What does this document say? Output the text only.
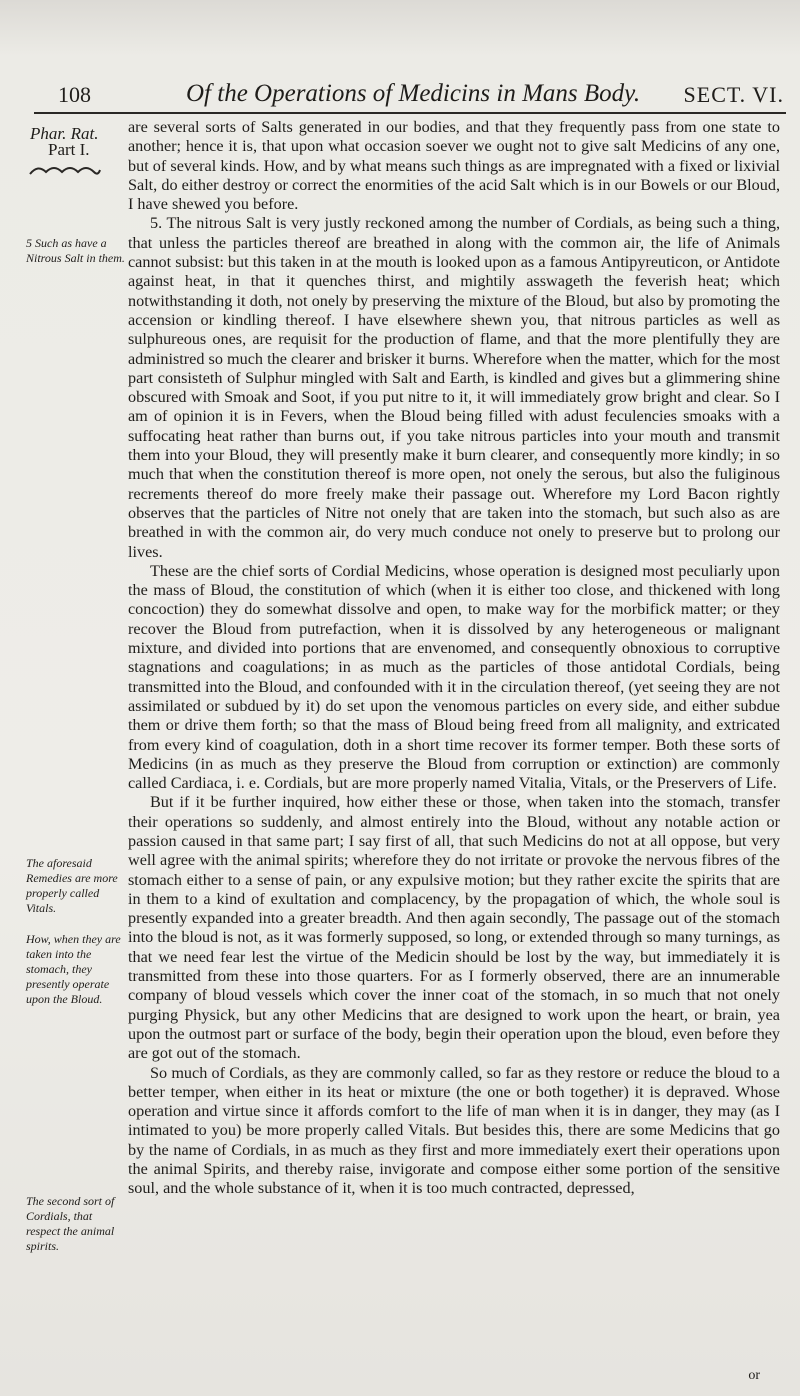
108	Of the Operations of Medicins in Mans Body. SECT. VI.
Phar. Rat.
Part I.
5 Such as have a Nitrous Salt in them.
The aforesaid Remedies are more properly called Vitals.
How, when they are taken into the stomach, they presently operate upon the Bloud.
The second sort of Cordials, that respect the animal spirits.

are several sorts of Salts generated in our bodies, and that they frequently pass from one state to another; hence it is, that upon what occasion soever we ought not to give salt Medicins of any one, but of several kinds. How, and by what means such things as are impregnated with a fixed or lixivial Salt, do either destroy or correct the enormities of the acid Salt which is in our Bowels or our Bloud, I have shewed you before.

5. The nitrous Salt is very justly reckoned among the number of Cordials, as being such a thing, that unless the particles thereof are breathed in along with the common air, the life of Animals cannot subsist: but this taken in at the mouth is looked upon as a famous Antipyreuticon, or Antidote against heat, in that it quenches thirst, and mightily asswageth the feverish heat; which notwithstanding it doth, not onely by preserving the mixture of the Bloud, but also by promoting the accension or kindling thereof. I have elsewhere shewn you, that nitrous particles as well as sulphureous ones, are requisit for the production of flame, and that the more plentifully they are administred so much the clearer and brisker it burns. Wherefore when the matter, which for the most part consisteth of Sulphur mingled with Salt and Earth, is kindled and gives but a glimmering shine obscured with Smoak and Soot, if you put nitre to it, it will immediately grow bright and clear. So I am of opinion it is in Fevers, when the Bloud being filled with adust feculencies smoaks with a suffocating heat rather than burns out, if you take nitrous particles into your mouth and transmit them into your Bloud, they will presently make it burn clearer, and consequently more kindly; in so much that when the constitution thereof is more open, not onely the serous, but also the fuliginous recrements thereof do more freely make their passage out. Wherefore my Lord Bacon rightly observes that the particles of Nitre not onely that are taken into the stomach, but such also as are breathed in with the common air, do very much conduce not onely to preserve but to prolong our lives.

These are the chief sorts of Cordial Medicins, whose operation is designed most peculiarly upon the mass of Bloud, the constitution of which (when it is either too close, and thickened with long concoction) they do somewhat dissolve and open, to make way for the morbifick matter; or they recover the Bloud from putrefaction, when it is dissolved by any heterogeneous or malignant mixture, and divided into portions that are envenomed, and consequently obnoxious to corruptive stagnations and coagulations; in as much as the particles of those antidotal Cordials, being transmitted into the Bloud, and confounded with it in the circulation thereof, (yet seeing they are not assimilated or subdued by it) do set upon the venomous particles on every side, and either subdue them or drive them forth; so that the mass of Bloud being freed from all malignity, and extricated from every kind of coagulation, doth in a short time recover its former temper. Both these sorts of Medicins (in as much as they preserve the Bloud from corruption or extinction) are commonly called Cardiaca, i. e. Cordials, but are more properly named Vitalia, Vitals, or the Preservers of Life.

But if it be further inquired, how either these or those, when taken into the stomach, transfer their operations so suddenly, and almost entirely into the Bloud, without any notable action or passion caused in that same part; I say first of all, that such Medicins do not at all oppose, but very well agree with the animal spirits; wherefore they do not irritate or provoke the nervous fibres of the stomach either to a sense of pain, or any expulsive motion; but they rather excite the spirits that are in them to a kind of exultation and complacency, by the propagation of which, the whole soul is presently expanded into a greater breadth. And then again secondly, The passage out of the stomach into the bloud is not, as it was formerly supposed, so long, or extended through so many turnings, as that we need fear lest the virtue of the Medicin should be lost by the way, but immediately it is transmitted from these into those quarters. For as I formerly observed, there are an innumerable company of bloud vessels which cover the inner coat of the stomach, in so much that not onely purging Physick, but any other Medicins that are designed to work upon the heart, or brain, yea upon the outmost part or surface of the body, begin their operation upon the bloud, even before they are got out of the stomach.

So much of Cordials, as they are commonly called, so far as they restore or reduce the bloud to a better temper, when either in its heat or mixture (the one or both together) it is depraved. Whose operation and virtue since it affords comfort to the life of man when it is in danger, they may (as I intimated to you) be more properly called Vitals. But besides this, there are some Medicins that go by the name of Cordials, in as much as they first and more immediately exert their operations upon the animal Spirits, and thereby raise, invigorate and compose either some portion of the sensitive soul, and the whole substance of it, when it is too much contracted, depressed,

or
